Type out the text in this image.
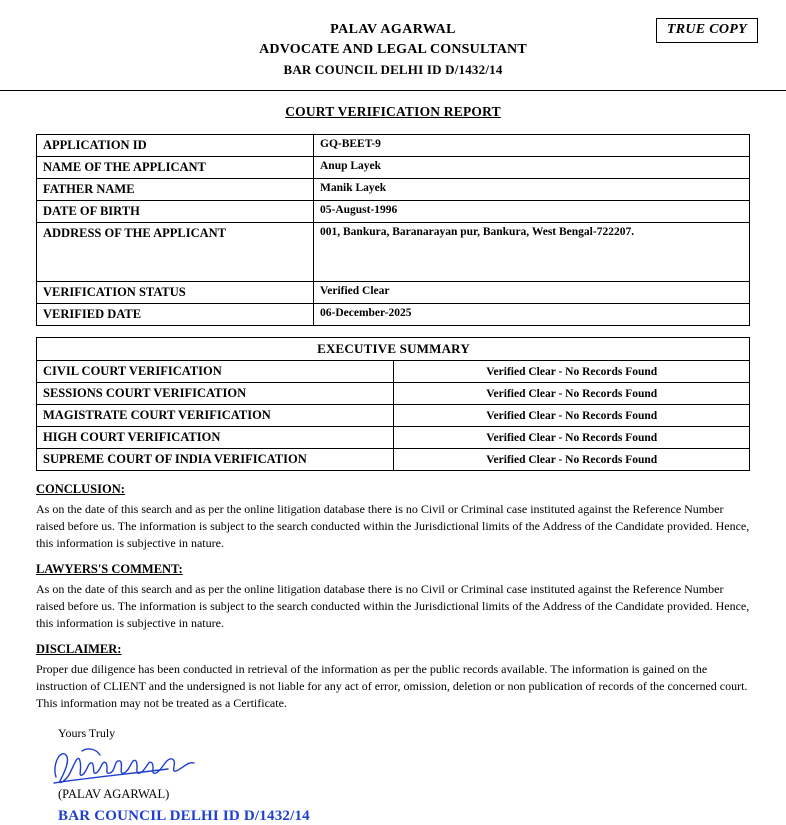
TRUE COPY
PALAV AGARWAL
ADVOCATE AND LEGAL CONSULTANT
BAR COUNCIL DELHI ID D/1432/14
COURT VERIFICATION REPORT
APPLICATION ID	GQ-BEET-9
NAME OF THE APPLICANT	Anup Layek
FATHER NAME	Manik Layek
DATE OF BIRTH	05-August-1996
ADDRESS OF THE APPLICANT	001, Bankura, Baranarayan pur, Bankura, West Bengal-722207.
VERIFICATION STATUS	Verified Clear
VERIFIED DATE	06-December-2025
EXECUTIVE SUMMARY	
CIVIL COURT VERIFICATION	Verified Clear - No Records Found
SESSIONS COURT VERIFICATION	Verified Clear - No Records Found
MAGISTRATE COURT VERIFICATION	Verified Clear - No Records Found
HIGH COURT VERIFICATION	Verified Clear - No Records Found
SUPREME COURT OF INDIA VERIFICATION	Verified Clear - No Records Found
CONCLUSION:
As on the date of this search and as per the online litigation database there is no Civil or Criminal case instituted against the Reference Number raised before us. The information is subject to the search conducted within the Jurisdictional limits of the Address of the Candidate provided. Hence, this information is subjective in nature.
LAWYERS'S COMMENT:
As on the date of this search and as per the online litigation database there is no Civil or Criminal case instituted against the Reference Number raised before us. The information is subject to the search conducted within the Jurisdictional limits of the Address of the Candidate provided. Hence, this information is subjective in nature.
DISCLAIMER:
Proper due diligence has been conducted in retrieval of the information as per the public records available. The information is gained on the instruction of CLIENT and the undersigned is not liable for any act of error, omission, deletion or non publication of records of the concerned court. This information may not be treated as a Certificate.
Yours Truly
(PALAV AGARWAL)
BAR COUNCIL DELHI ID D/1432/14
